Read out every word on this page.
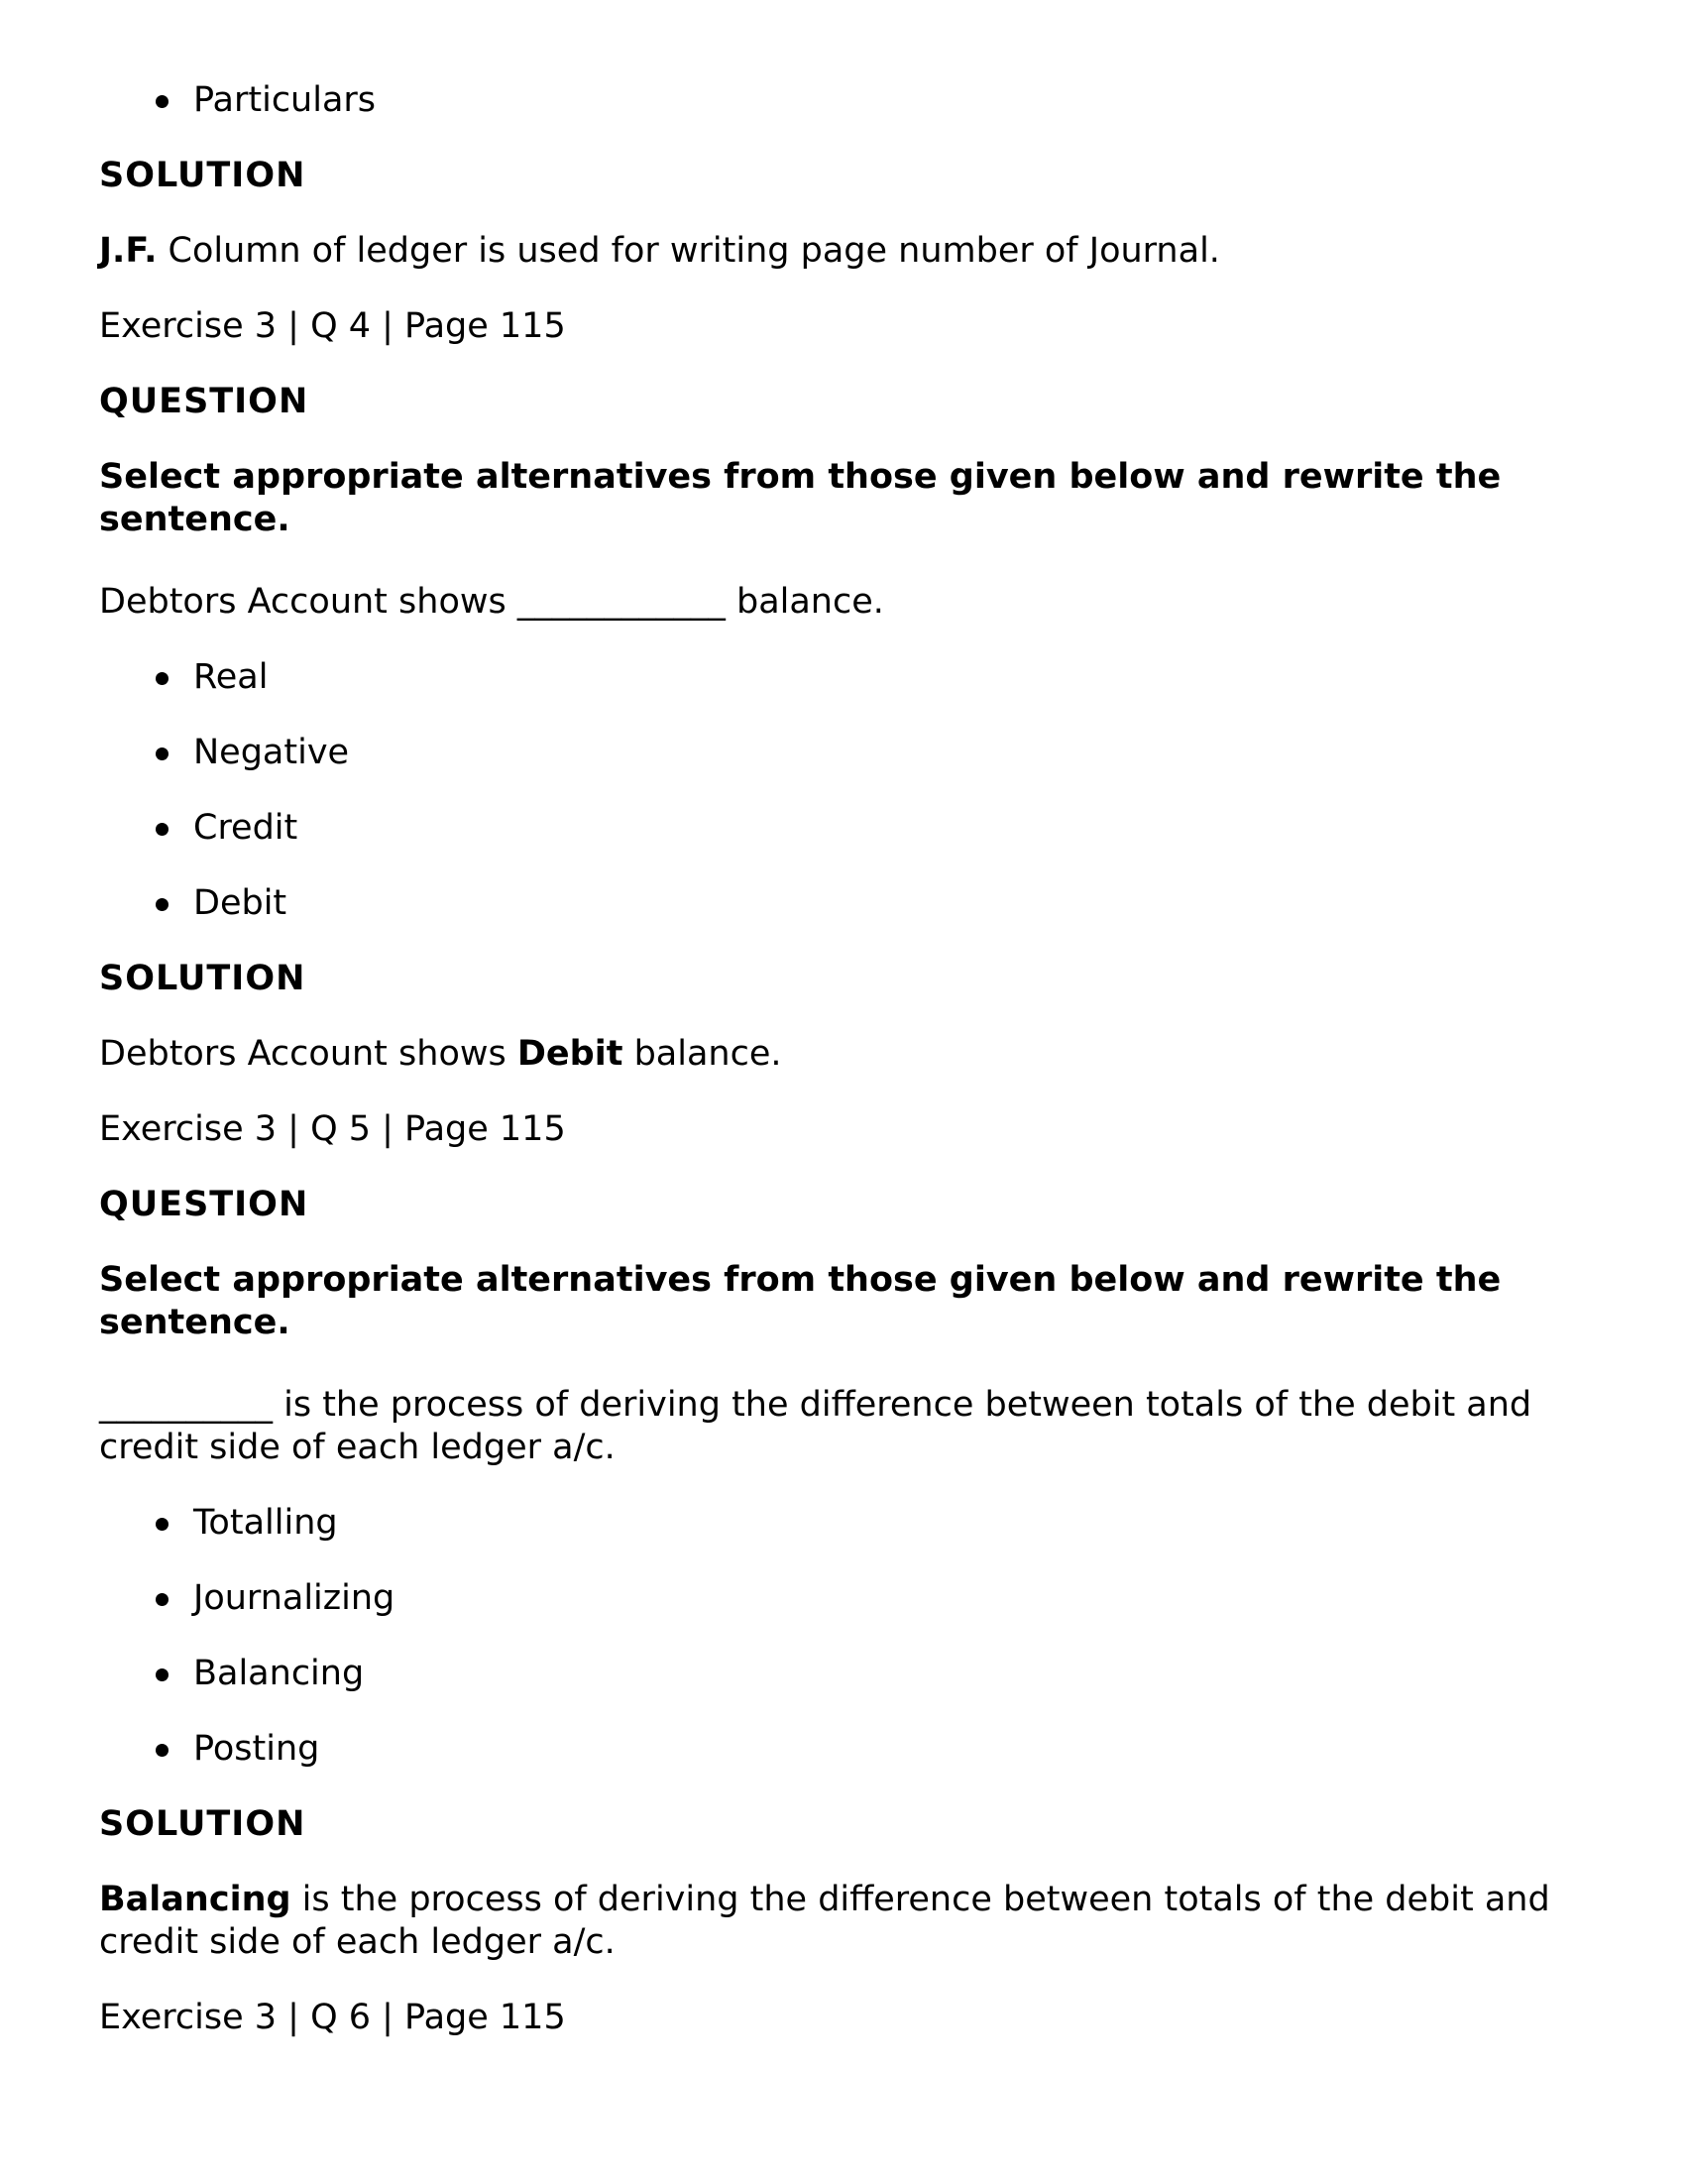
Particulars

SOLUTION

J.F. Column of ledger is used for writing page number of Journal.

Exercise 3 | Q 4 | Page 115

QUESTION

Select appropriate alternatives from those given below and rewrite the sentence.

Debtors Account shows ____________ balance.

Real
Negative
Credit
Debit

SOLUTION

Debtors Account shows Debit balance.

Exercise 3 | Q 5 | Page 115

QUESTION

Select appropriate alternatives from those given below and rewrite the sentence.

__________ is the process of deriving the difference between totals of the debit and credit side of each ledger a/c.

Totalling
Journalizing
Balancing
Posting

SOLUTION

Balancing is the process of deriving the difference between totals of the debit and credit side of each ledger a/c.

Exercise 3 | Q 6 | Page 115
